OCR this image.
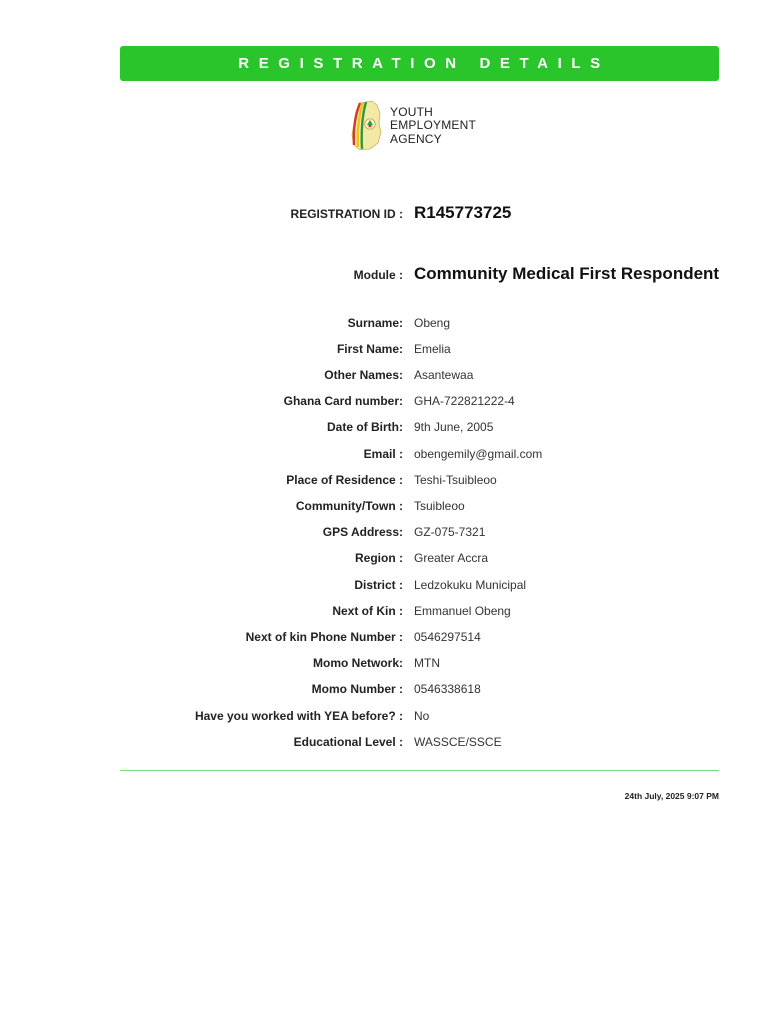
REGISTRATION DETAILS
YOUTH
EMPLOYMENT
AGENCY
REGISTRATION ID : R145773725
Module : Community Medical First Respondent
Surname: Obeng
First Name: Emelia
Other Names: Asantewaa
Ghana Card number: GHA-722821222-4
Date of Birth: 9th June, 2005
Email : obengemily@gmail.com
Place of Residence : Teshi-Tsuibleoo
Community/Town : Tsuibleoo
GPS Address: GZ-075-7321
Region : Greater Accra
District : Ledzokuku Municipal
Next of Kin : Emmanuel Obeng
Next of kin Phone Number : 0546297514
Momo Network: MTN
Momo Number : 0546338618
Have you worked with YEA before? : No
Educational Level : WASSCE/SSCE
24th July, 2025 9:07 PM
